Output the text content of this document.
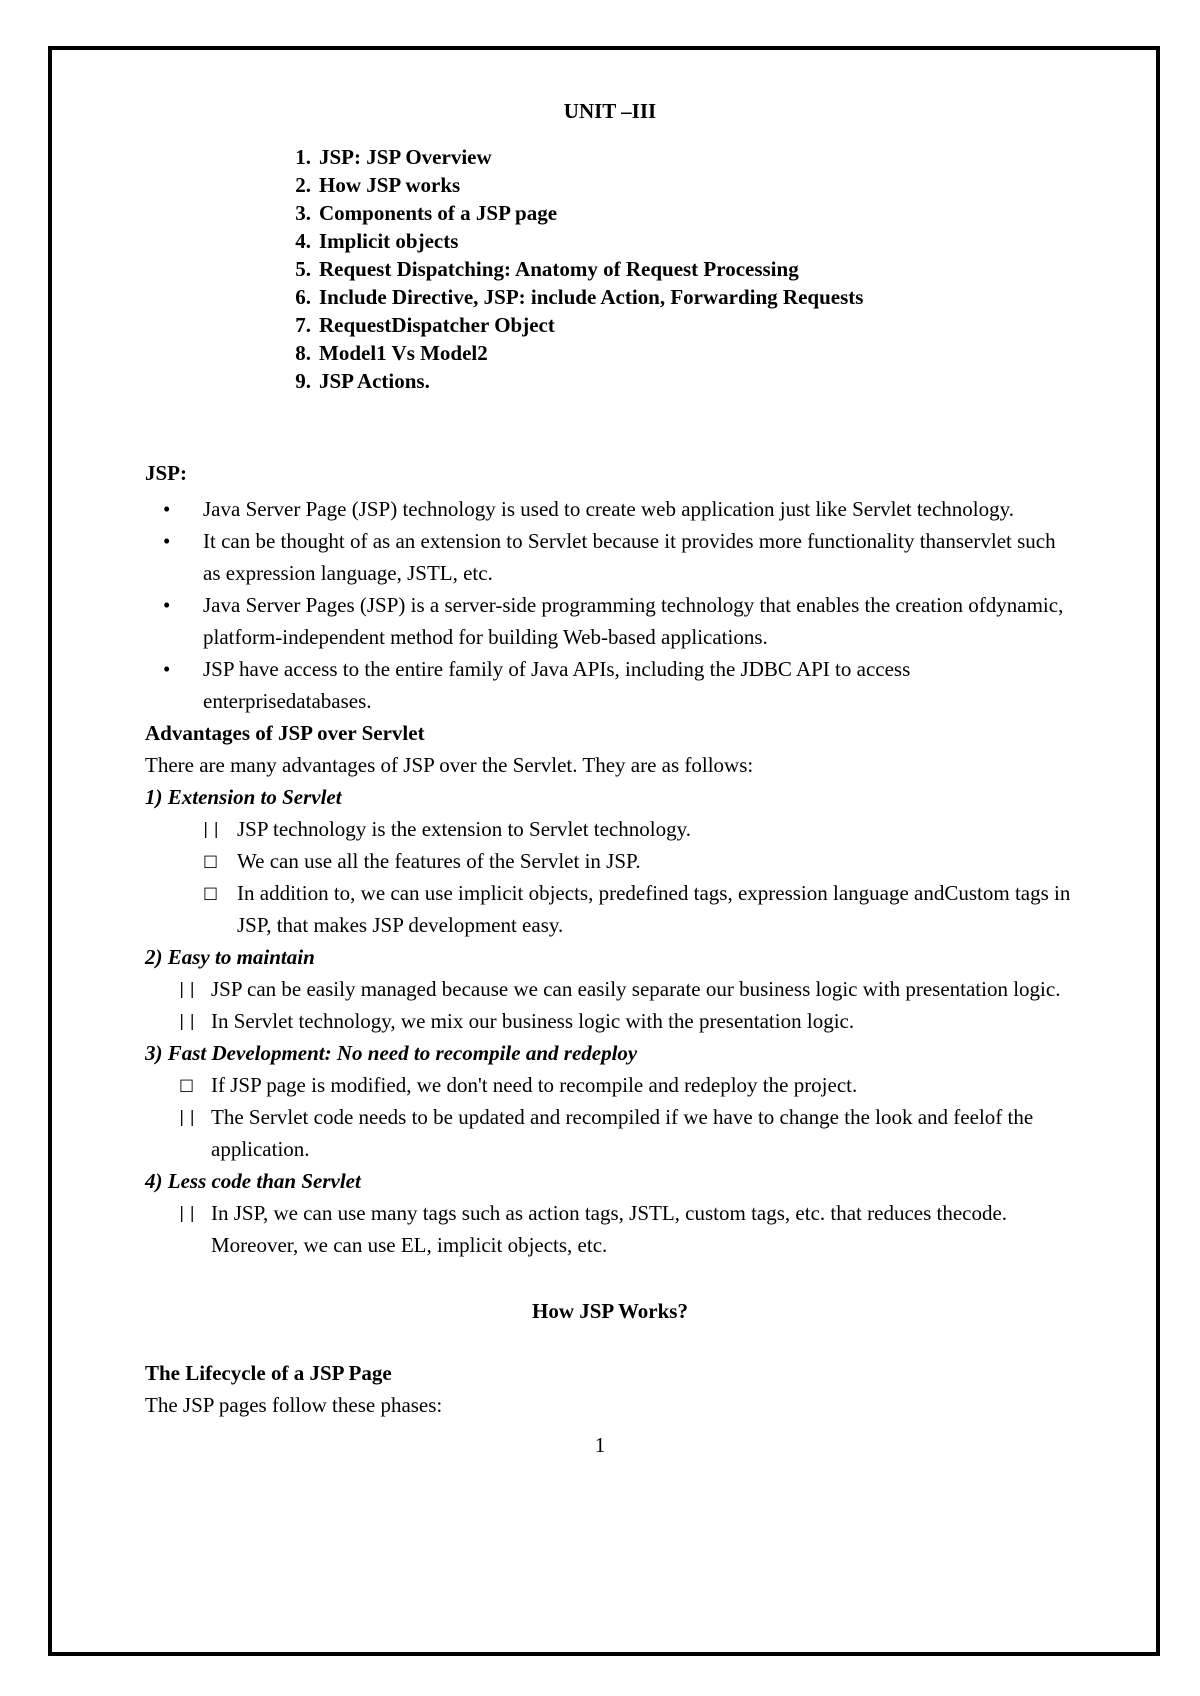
UNIT –III

1. JSP: JSP Overview
2. How JSP works
3. Components of a JSP page
4. Implicit objects
5. Request Dispatching: Anatomy of Request Processing
6. Include Directive, JSP: include Action, Forwarding Requests
7. RequestDispatcher Object
8. Model1 Vs Model2
9. JSP Actions.

JSP:

• Java Server Page (JSP) technology is used to create web application just like Servlet technology.
• It can be thought of as an extension to Servlet because it provides more functionality thanservlet such as expression language, JSTL, etc.
• Java Server Pages (JSP) is a server-side programming technology that enables the creation ofdynamic, platform-independent method for building Web-based applications.
• JSP have access to the entire family of Java APIs, including the JDBC API to access enterprisedatabases.

Advantages of JSP over Servlet

There are many advantages of JSP over the Servlet. They are as follows:

1) Extension to Servlet

| | JSP technology is the extension to Servlet technology.
□ We can use all the features of the Servlet in JSP.
□ In addition to, we can use implicit objects, predefined tags, expression language andCustom tags in JSP, that makes JSP development easy.

2) Easy to maintain

| | JSP can be easily managed because we can easily separate our business logic with presentation logic.
| | In Servlet technology, we mix our business logic with the presentation logic.

3) Fast Development: No need to recompile and redeploy

□ If JSP page is modified, we don't need to recompile and redeploy the project.
| | The Servlet code needs to be updated and recompiled if we have to change the look and feelof the application.

4) Less code than Servlet

| | In JSP, we can use many tags such as action tags, JSTL, custom tags, etc. that reduces thecode. Moreover, we can use EL, implicit objects, etc.

How JSP Works?

The Lifecycle of a JSP Page

The JSP pages follow these phases:

1
